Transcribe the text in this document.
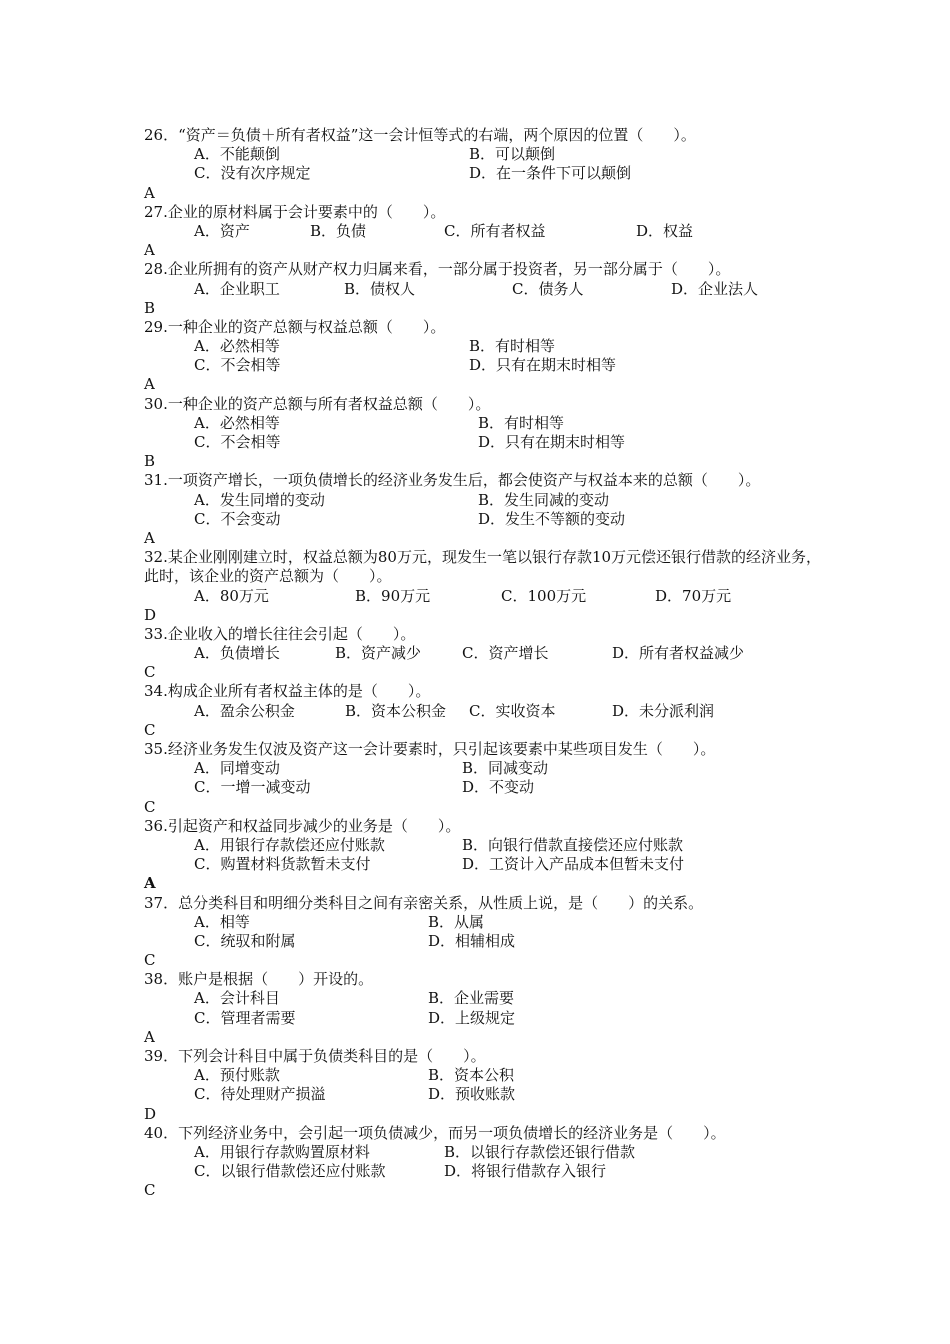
26．“资产＝负债＋所有者权益”这一会计恒等式的右端，两个原因的位置（　　）。
A．不能颠倒	B．可以颠倒
C．没有次序规定	D．在一条件下可以颠倒
A
27.企业的原材料属于会计要素中的（　　）。
A．资产	B．负债	C．所有者权益	D．权益
A
28.企业所拥有的资产从财产权力归属来看，一部分属于投资者，另一部分属于（　　）。
A．企业职工	B．债权人	C．债务人	D．企业法人
B
29.一种企业的资产总额与权益总额（　　）。
A．必然相等	B．有时相等
C．不会相等	D．只有在期末时相等
A
30.一种企业的资产总额与所有者权益总额（　　）。
A．必然相等	B．有时相等
C．不会相等	D．只有在期末时相等
B
31.一项资产增长，一项负债增长的经济业务发生后，都会使资产与权益本来的总额（　　）。
A．发生同增的变动	B．发生同减的变动
C．不会变动	D．发生不等额的变动
A
32.某企业刚刚建立时，权益总额为80万元，现发生一笔以银行存款10万元偿还银行借款的经济业务，此时，该企业的资产总额为（　　）。
A．80万元	B．90万元	C．100万元	D．70万元
D
33.企业收入的增长往往会引起（　　）。
A．负债增长	B．资产减少	C．资产增长	D．所有者权益减少
C
34.构成企业所有者权益主体的是（　　）。
A．盈余公积金	B．资本公积金 C．实收资本	D．未分派利润
C
35.经济业务发生仅波及资产这一会计要素时，只引起该要素中某些项目发生（　　）。
A．同增变动	B．同减变动
C．一增一减变动	D．不变动
C
36.引起资产和权益同步减少的业务是（　　）。
A．用银行存款偿还应付账款	B．向银行借款直接偿还应付账款
C．购置材料货款暂未支付	D．工资计入产品成本但暂未支付
A
37．总分类科目和明细分类科目之间有亲密关系，从性质上说，是（　　）的关系。
A．相等	B．从属
C．统驭和附属	D．相辅相成
C
38．账户是根据（　　）开设的。
A．会计科目	B．企业需要
C．管理者需要	D．上级规定
A
39．下列会计科目中属于负债类科目的是（　　）。
A．预付账款	B．资本公积
C．待处理财产损溢	D．预收账款
D
40．下列经济业务中，会引起一项负债减少，而另一项负债增长的经济业务是（　　）。
A．用银行存款购置原材料	B．以银行存款偿还银行借款
C．以银行借款偿还应付账款	D．将银行借款存入银行
C
